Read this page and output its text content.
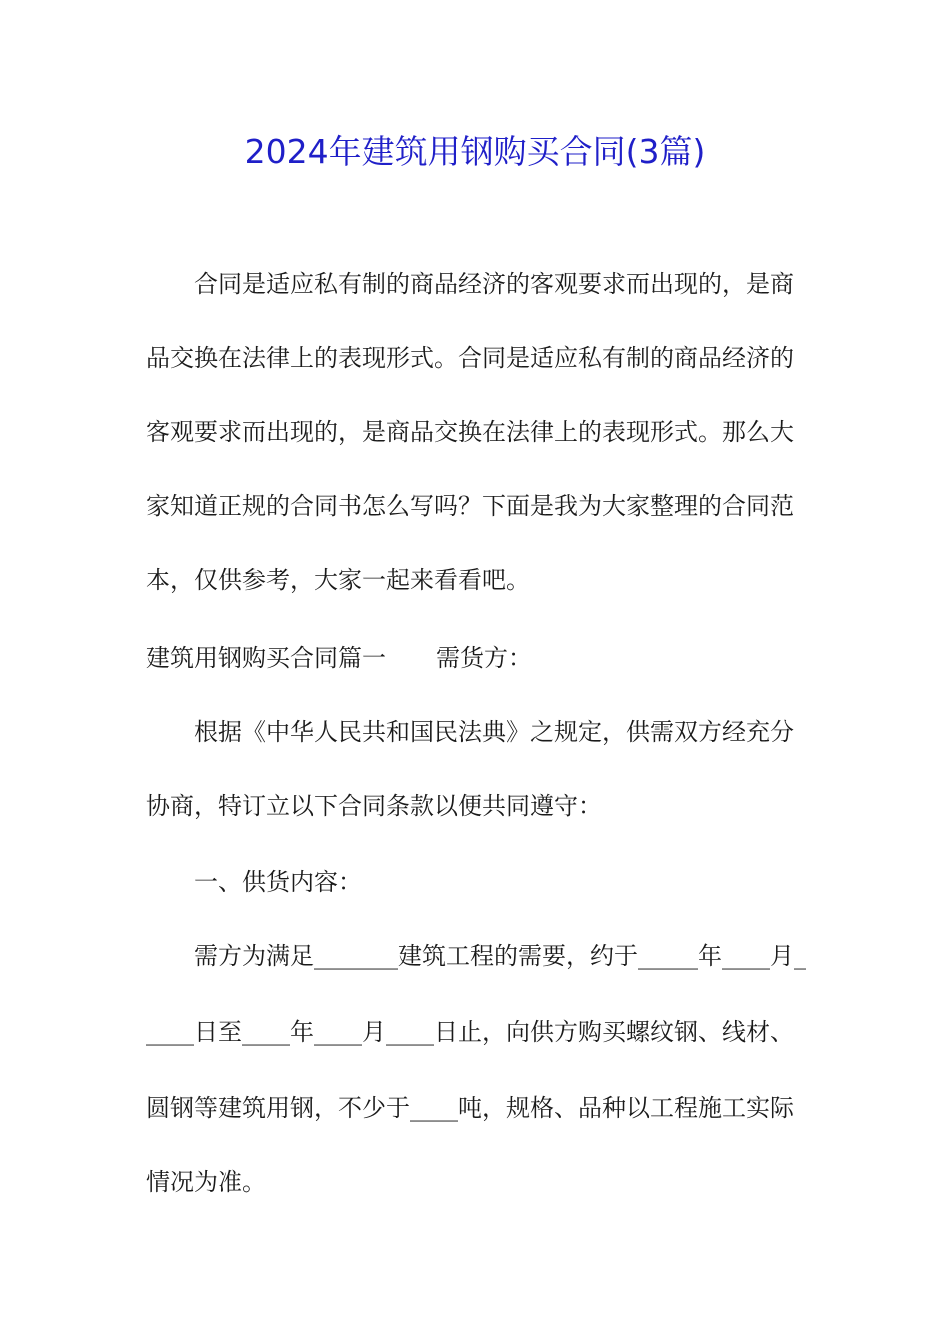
2024年建筑用钢购买合同(3篇)

合同是适应私有制的商品经济的客观要求而出现的，是商

品交换在法律上的表现形式。合同是适应私有制的商品经济的

客观要求而出现的，是商品交换在法律上的表现形式。那么大

家知道正规的合同书怎么写吗？下面是我为大家整理的合同范

本，仅供参考，大家一起来看看吧。

建筑用钢购买合同篇一 需货方：

根据《中华人民共和国民法典》之规定，供需双方经充分

协商，特订立以下合同条款以便共同遵守：

一、供货内容：

需方为满足_______建筑工程的需要，约于_____年____月_

____日至____年____月____日止，向供方购买螺纹钢、线材、

圆钢等建筑用钢，不少于____吨，规格、品种以工程施工实际

情况为准。
